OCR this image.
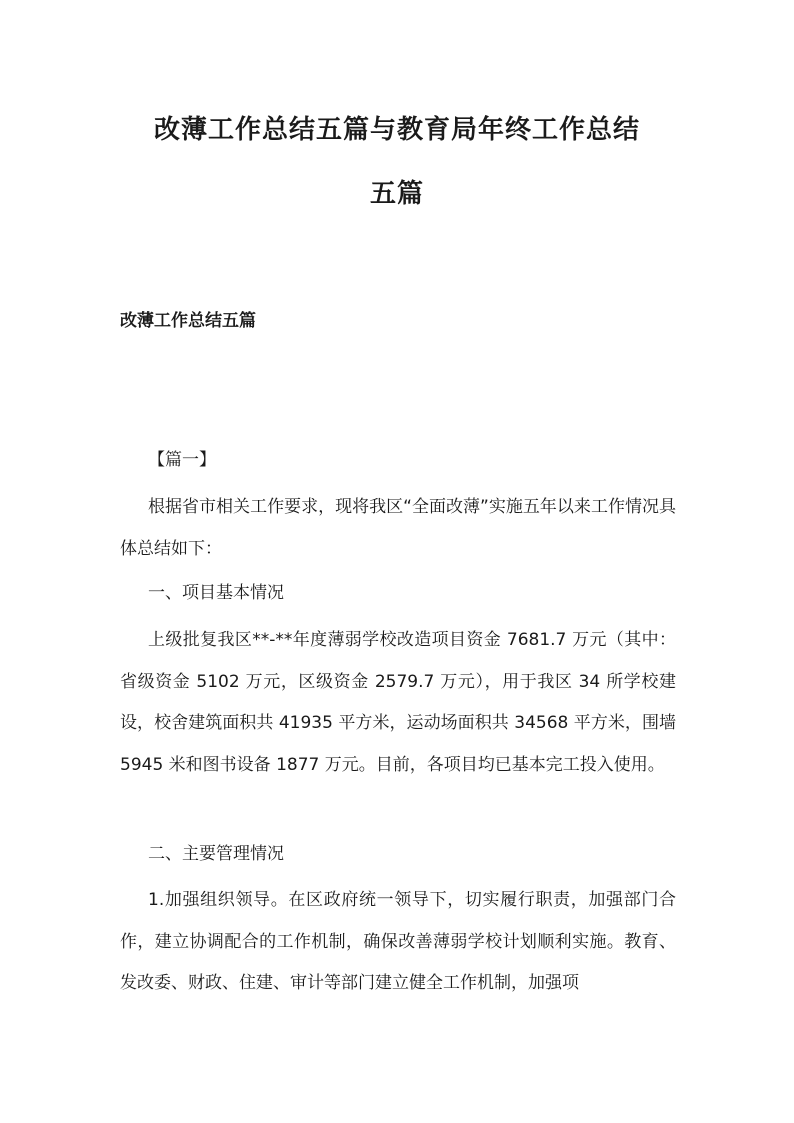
改薄工作总结五篇与教育局年终工作总结
五篇
改薄工作总结五篇

【篇一】

根据省市相关工作要求，现将我区“全面改薄”实施五年以来工作情况具体总结如下：

一、项目基本情况

上级批复我区**-**年度薄弱学校改造项目资金 7681.7 万元（其中：省级资金 5102 万元，区级资金 2579.7 万元），用于我区 34 所学校建设，校舍建筑面积共 41935 平方米，运动场面积共 34568 平方米，围墙 5945 米和图书设备 1877 万元。目前，各项目均已基本完工投入使用。

二、主要管理情况

1.加强组织领导。在区政府统一领导下，切实履行职责，加强部门合作，建立协调配合的工作机制，确保改善薄弱学校计划顺利实施。教育、发改委、财政、住建、审计等部门建立健全工作机制，加强项
